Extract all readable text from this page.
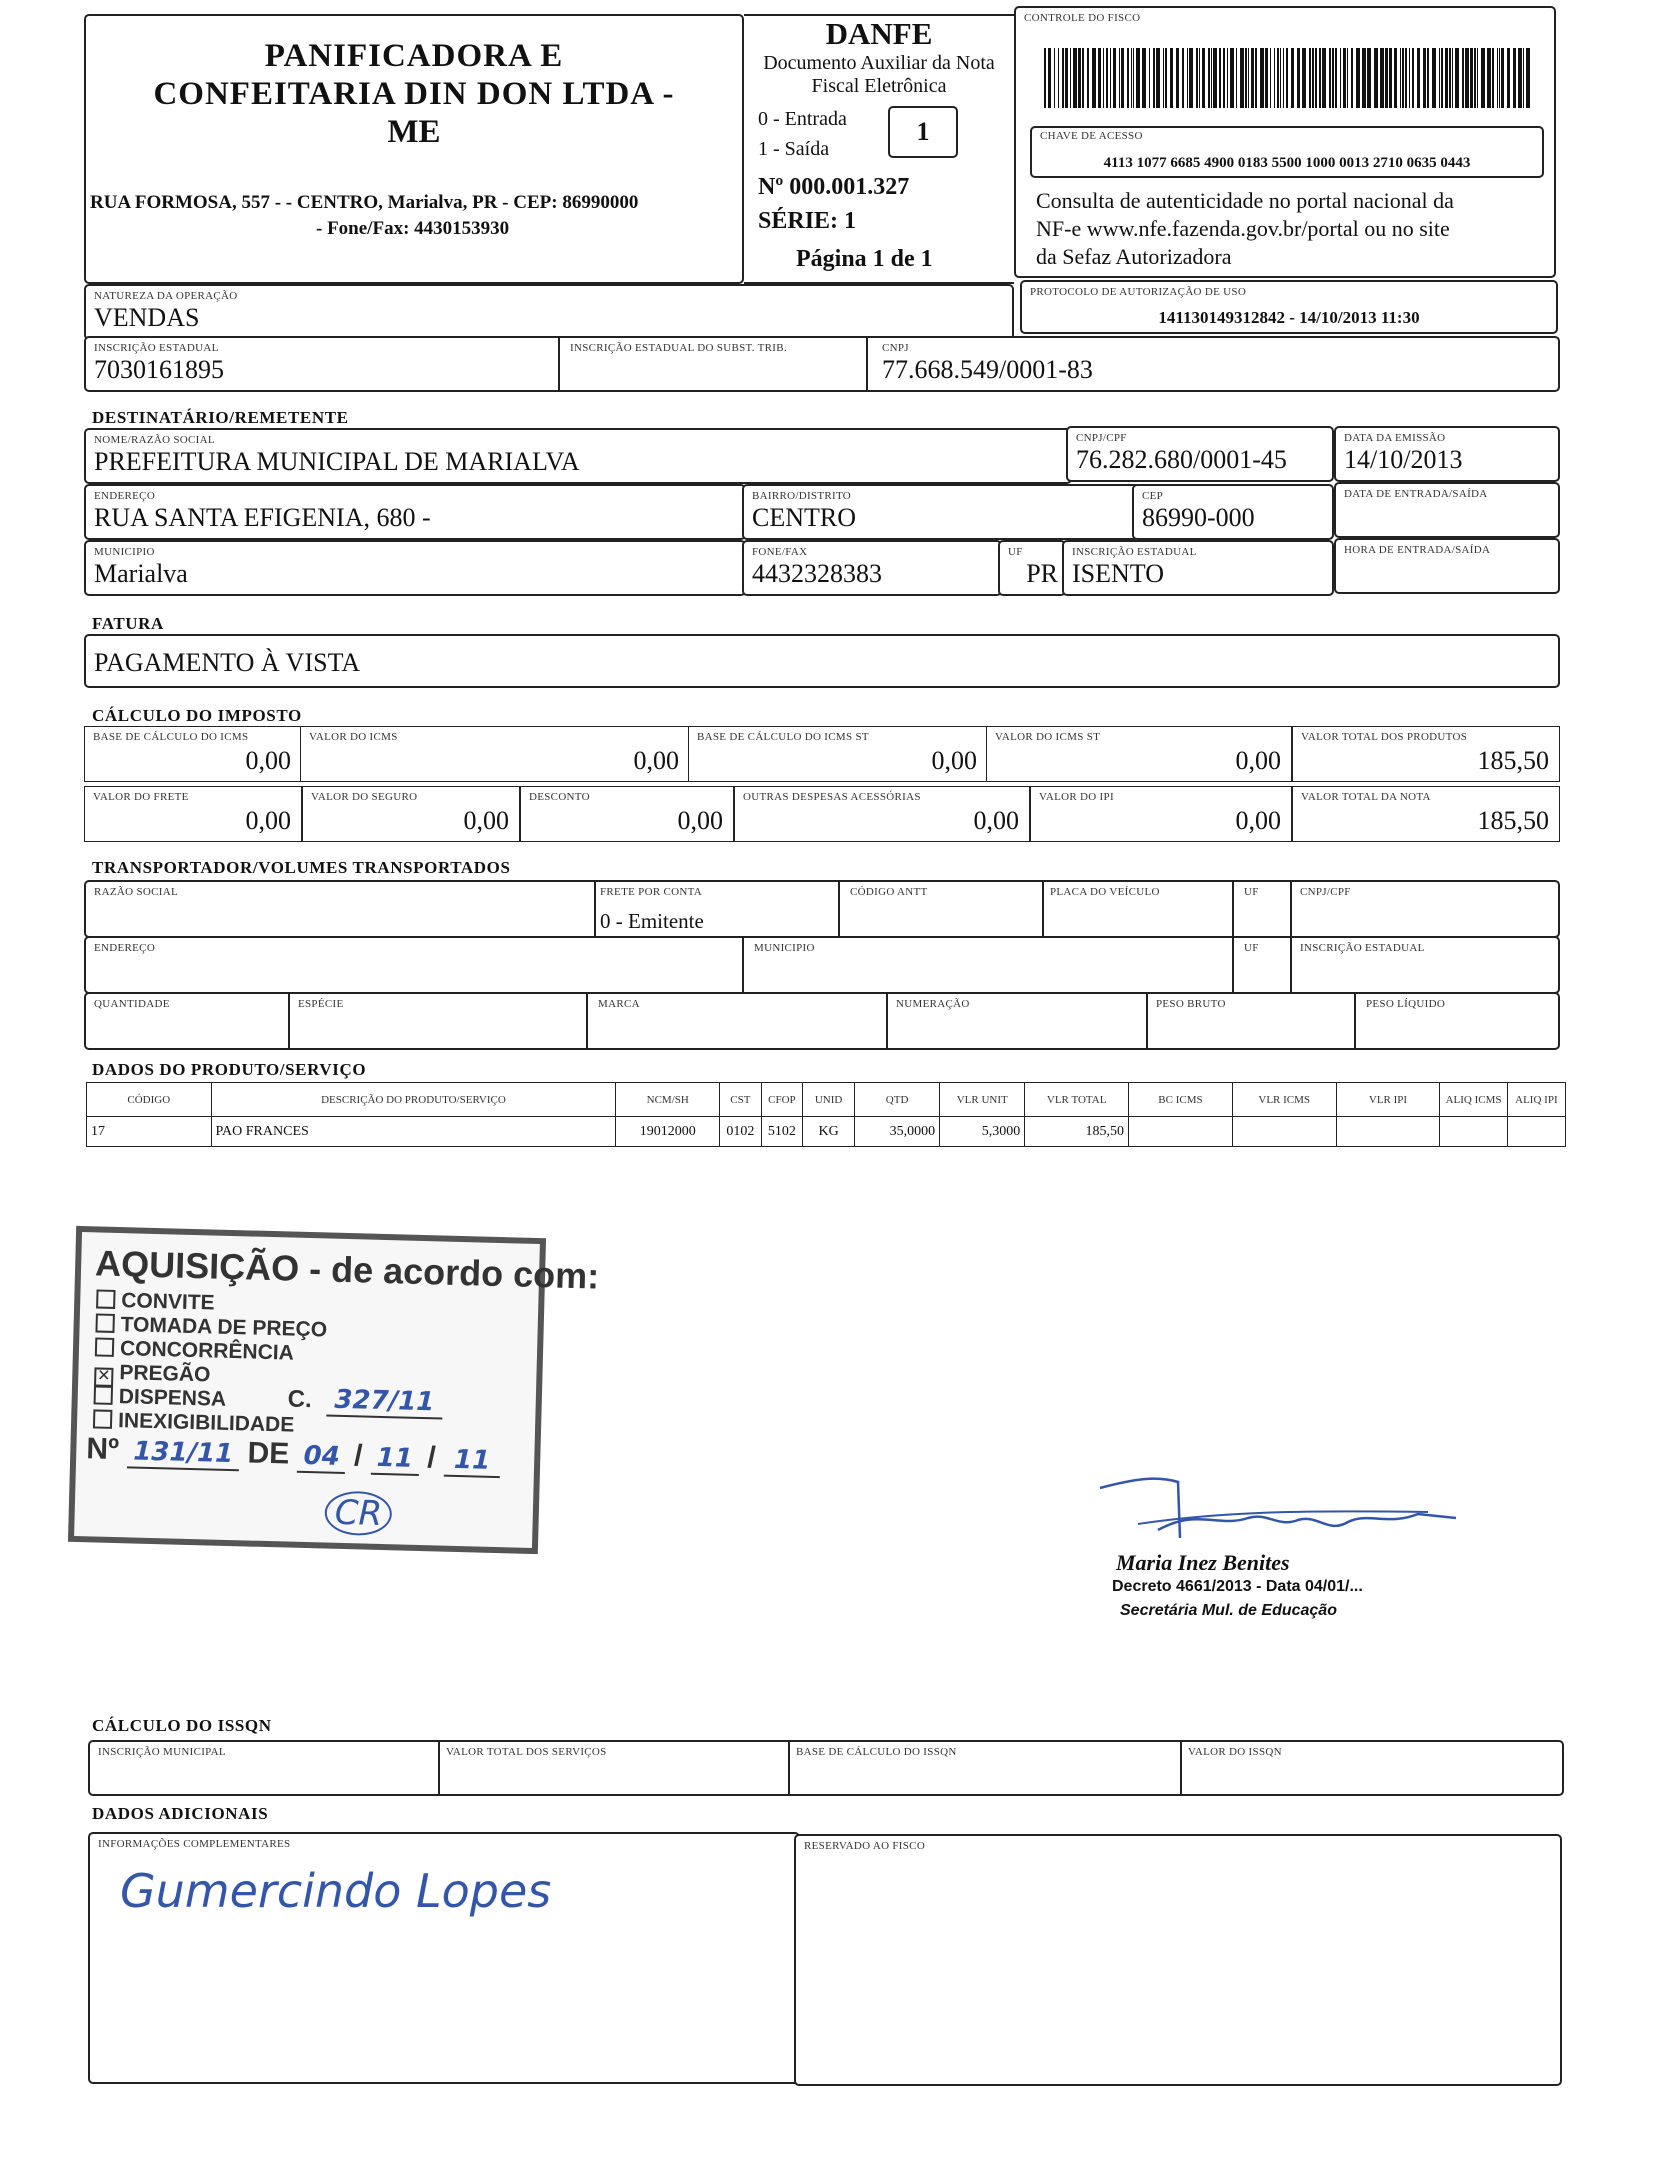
PANIFICADORA E
CONFEITARIA DIN DON LTDA -
ME
RUA FORMOSA, 557 - - CENTRO, Marialva, PR - CEP: 86990000
- Fone/Fax: 4430153930
DANFE
Documento Auxiliar da Nota
Fiscal Eletrônica
0 - Entrada
1 - Saída
1
Nº 000.001.327
SÉRIE: 1
Página 1 de 1
CONTROLE DO FISCO
CHAVE DE ACESSO
4113 1077 6685 4900 0183 5500 1000 0013 2710 0635 0443
Consulta de autenticidade no portal nacional da
NF-e www.nfe.fazenda.gov.br/portal ou no site
da Sefaz Autorizadora
NATUREZA DA OPERAÇÃO
VENDAS
PROTOCOLO DE AUTORIZAÇÃO DE USO
141130149312842 - 14/10/2013 11:30
INSCRIÇÃO ESTADUAL
7030161895
INSCRIÇÃO ESTADUAL DO SUBST. TRIB.	CNPJ
77.668.549/0001-83
DESTINATÁRIO/REMETENTE
NOME/RAZÃO SOCIAL
PREFEITURA MUNICIPAL DE MARIALVA
CNPJ/CPF
76.282.680/0001-45
DATA DA EMISSÃO
14/10/2013
ENDEREÇO
RUA SANTA EFIGENIA, 680 -
BAIRRO/DISTRITO
CENTRO
CEP
86990-000
DATA DE ENTRADA/SAÍDA
MUNICIPIO
Marialva
FONE/FAX
4432328383
UF
PR
INSCRIÇÃO ESTADUAL
ISENTO
HORA DE ENTRADA/SAÍDA
FATURA
PAGAMENTO À VISTA
CÁLCULO DO IMPOSTO
BASE DE CÁLCULO DO ICMS
0,00
VALOR DO ICMS
0,00
BASE DE CÁLCULO DO ICMS ST
0,00
VALOR DO ICMS ST
0,00
VALOR TOTAL DOS PRODUTOS
185,50
VALOR DO FRETE
0,00
VALOR DO SEGURO
0,00
DESCONTO
0,00
OUTRAS DESPESAS ACESSÓRIAS
0,00
VALOR DO IPI
0,00
VALOR TOTAL DA NOTA
185,50
TRANSPORTADOR/VOLUMES TRANSPORTADOS
RAZÃO SOCIAL	FRETE POR CONTA
0 - Emitente
CÓDIGO ANTT	PLACA DO VEÍCULO	UF	CNPJ/CPF
ENDEREÇO	MUNICIPIO	UF	INSCRIÇÃO ESTADUAL
QUANTIDADE	ESPÉCIE	MARCA	NUMERAÇÃO	PESO BRUTO	PESO LÍQUIDO
DADOS DO PRODUTO/SERVIÇO
CÓDIGO	DESCRIÇÃO DO PRODUTO/SERVIÇO	NCM/SH	CST	CFOP	UNID	QTD	VLR UNIT	VLR TOTAL	BC ICMS	VLR ICMS	VLR IPI	ALIQ ICMS	ALIQ IPI
17	PAO FRANCES	19012000	0102	5102	KG	35,0000	5,3000	185,50					
AQUISIÇÃO - de acordo com:
CONVITE
TOMADA DE PREÇO
CONCORRÊNCIA
✕ PREGÃO
DISPENSA
INEXIGIBILIDADE
C. 327/11
Nº 131/11 DE 04 / 11 / 11
CR
Maria Inez Benites
Decreto 4661/2013 - Data 04/01/...
Secretária Mul. de Educação
CÁLCULO DO ISSQN
INSCRIÇÃO MUNICIPAL	VALOR TOTAL DOS SERVIÇOS	BASE DE CÁLCULO DO ISSQN	VALOR DO ISSQN
DADOS ADICIONAIS
INFORMAÇÕES COMPLEMENTARES
Gumercindo Lopes
RESERVADO AO FISCO
